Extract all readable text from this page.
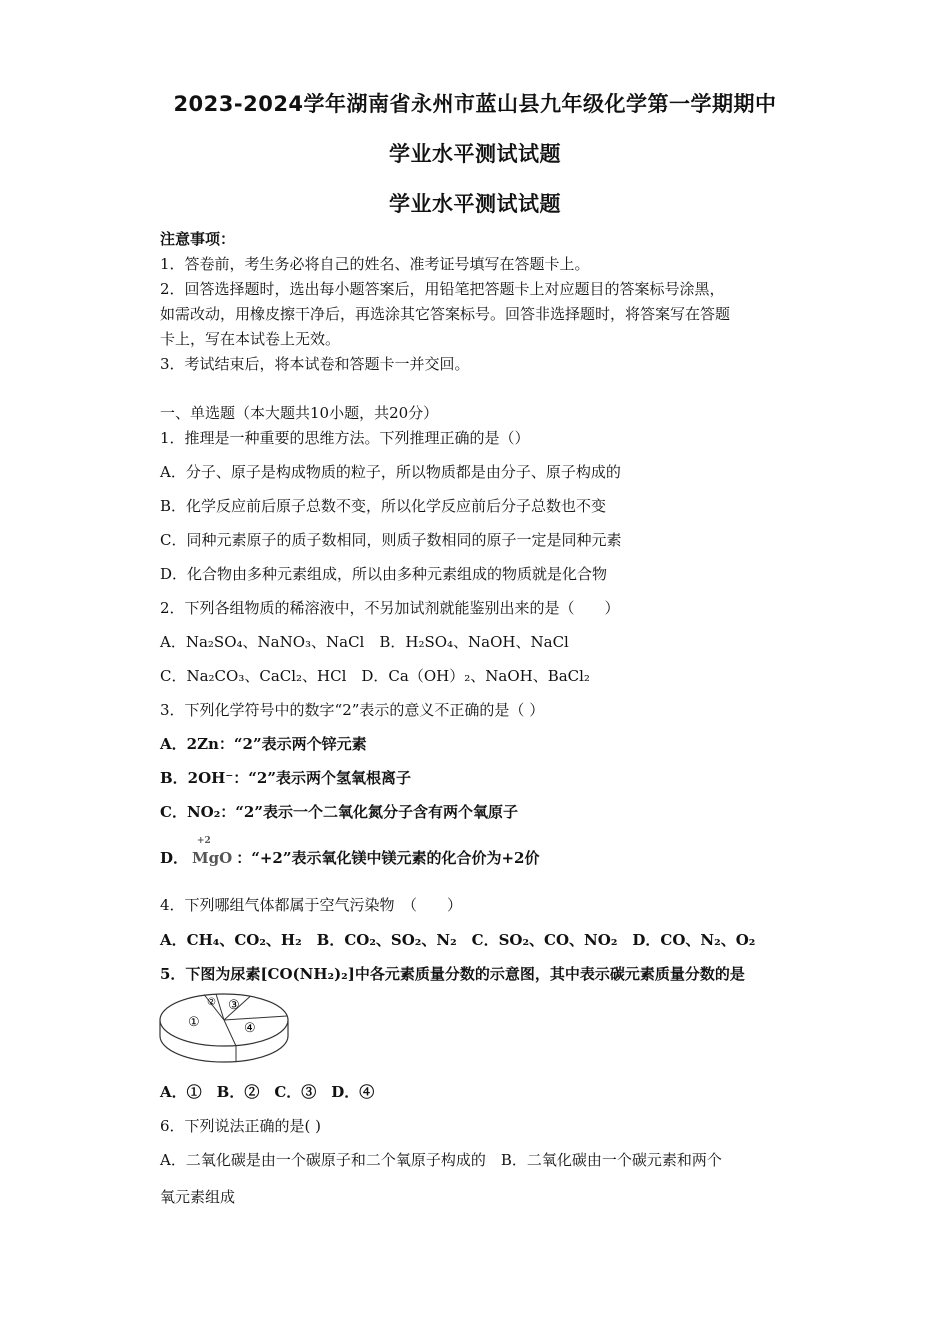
2023-2024学年湖南省永州市蓝山县九年级化学第一学期期中
学业水平测试试题
学业水平测试试题
注意事项：
1．答卷前，考生务必将自己的姓名、准考证号填写在答题卡上。
2．回答选择题时，选出每小题答案后，用铅笔把答题卡上对应题目的答案标号涂黑，
如需改动，用橡皮擦干净后，再选涂其它答案标号。回答非选择题时，将答案写在答题
卡上，写在本试卷上无效。
3．考试结束后，将本试卷和答题卡一并交回。
一、单选题（本大题共10小题，共20分）
1．推理是一种重要的思维方法。下列推理正确的是（）
A．分子、原子是构成物质的粒子，所以物质都是由分子、原子构成的
B．化学反应前后原子总数不变，所以化学反应前后分子总数也不变
C．同种元素原子的质子数相同，则质子数相同的原子一定是同种元素
D．化合物由多种元素组成，所以由多种元素组成的物质就是化合物
2．下列各组物质的稀溶液中，不另加试剂就能鉴别出来的是（　　）
A．Na₂SO₄、NaNO₃、NaCl　B．H₂SO₄、NaOH、NaCl
C．Na₂CO₃、CaCl₂、HCl　D．Ca（OH）₂、NaOH、BaCl₂
3．下列化学符号中的数字“2”表示的意义不正确的是（ ）
A．2Zn：“2”表示两个锌元素
B．2OH⁻：“2”表示两个氢氧根离子
C．NO₂：“2”表示一个二氧化氮分子含有两个氧原子
D．
+2
MgO ：“+2”表示氧化镁中镁元素的化合价为+2价
4．下列哪组气体都属于空气污染物　（　　）
A．CH₄、CO₂、H₂　B．CO₂、SO₂、N₂　C．SO₂、CO、NO₂　D．CO、N₂、O₂
5．下图为尿素[CO(NH₂)₂]中各元素质量分数的示意图，其中表示碳元素质量分数的是
①
② ③
④
A．①　B．②　C．③　D．④
6．下列说法正确的是( )
A．二氧化碳是由一个碳原子和二个氧原子构成的　B．二氧化碳由一个碳元素和两个
氧元素组成
